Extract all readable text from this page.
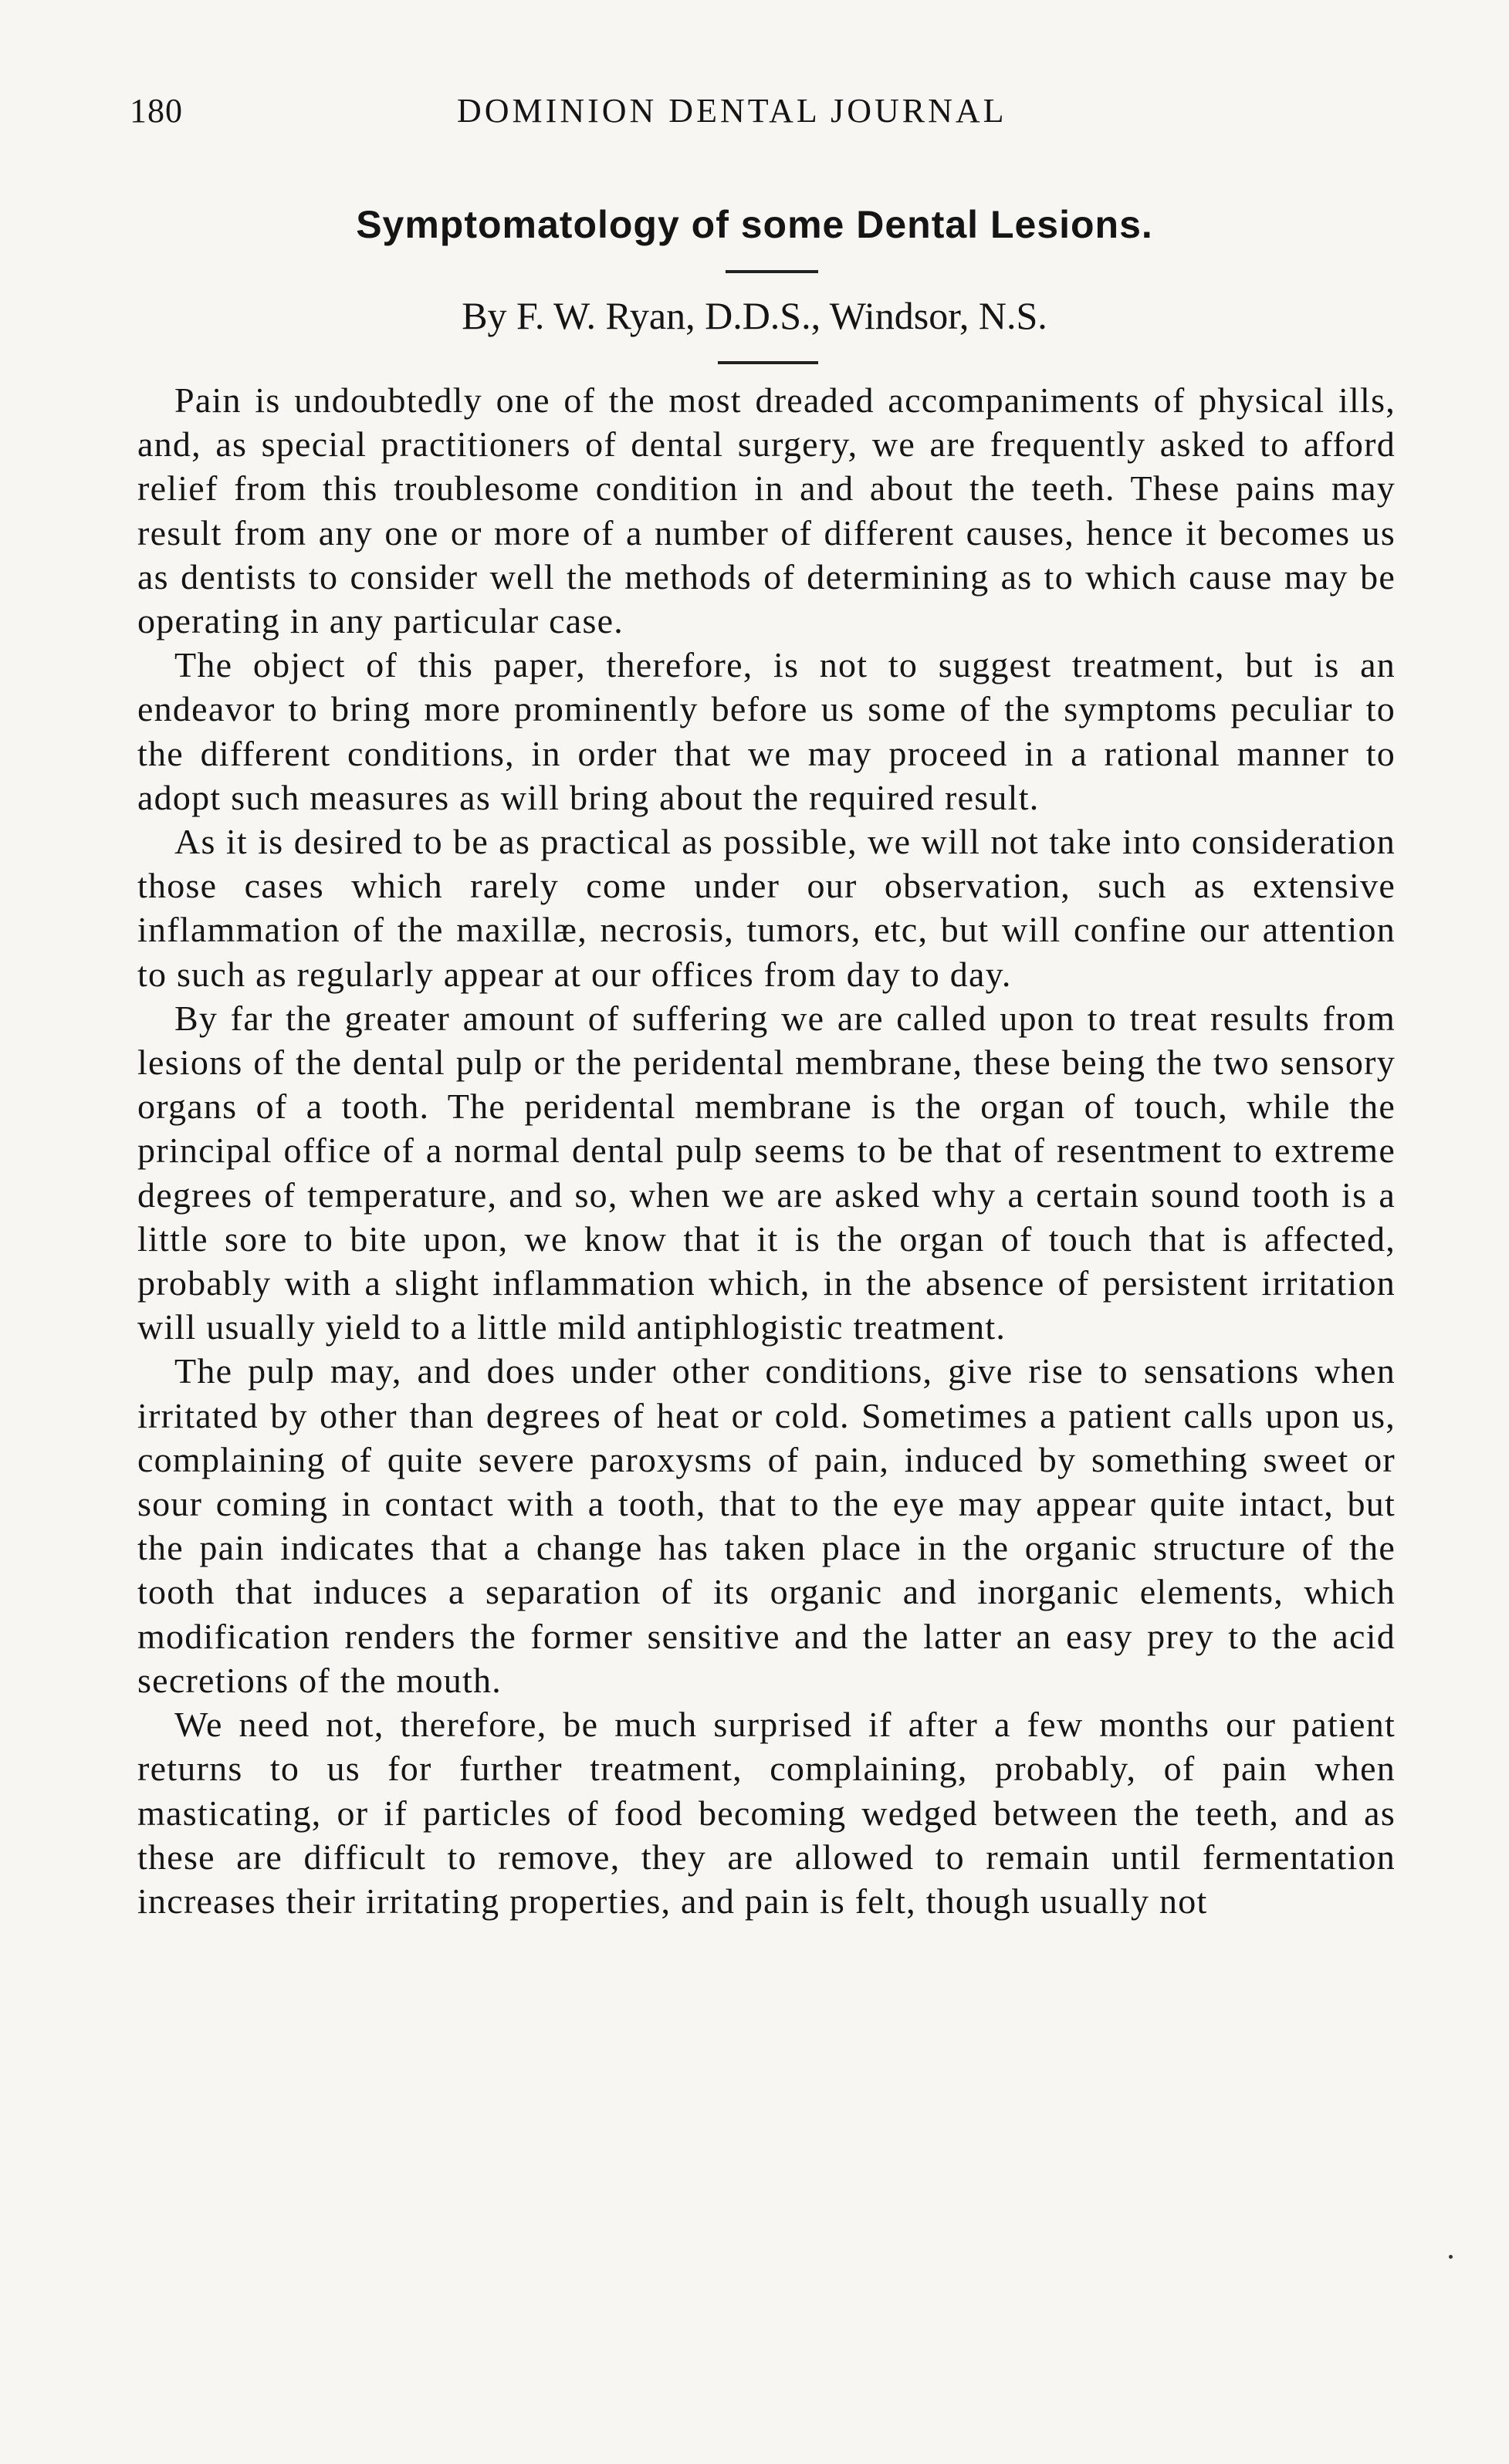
180	DOMINION DENTAL JOURNAL
Symptomatology of some Dental Lesions.
By F. W. Ryan, D.D.S., Windsor, N.S.

Pain is undoubtedly one of the most dreaded accompaniments of physical ills, and, as special practitioners of dental surgery, we are frequently asked to afford relief from this troublesome condition in and about the teeth. These pains may result from any one or more of a number of different causes, hence it becomes us as dentists to consider well the methods of determining as to which cause may be operating in any particular case.

The object of this paper, therefore, is not to suggest treatment, but is an endeavor to bring more prominently before us some of the symptoms peculiar to the different conditions, in order that we may proceed in a rational manner to adopt such measures as will bring about the required result.

As it is desired to be as practical as possible, we will not take into consideration those cases which rarely come under our observation, such as extensive inflammation of the maxillæ, necrosis, tumors, etc, but will confine our attention to such as regularly appear at our offices from day to day.

By far the greater amount of suffering we are called upon to treat results from lesions of the dental pulp or the peridental membrane, these being the two sensory organs of a tooth. The peridental membrane is the organ of touch, while the principal office of a normal dental pulp seems to be that of resentment to extreme degrees of temperature, and so, when we are asked why a certain sound tooth is a little sore to bite upon, we know that it is the organ of touch that is affected, probably with a slight inflammation which, in the absence of persistent irritation will usually yield to a little mild antiphlogistic treatment.

The pulp may, and does under other conditions, give rise to sensations when irritated by other than degrees of heat or cold. Sometimes a patient calls upon us, complaining of quite severe paroxysms of pain, induced by something sweet or sour coming in contact with a tooth, that to the eye may appear quite intact, but the pain indicates that a change has taken place in the organic structure of the tooth that induces a separation of its organic and inorganic elements, which modification renders the former sensitive and the latter an easy prey to the acid secretions of the mouth.

We need not, therefore, be much surprised if after a few months our patient returns to us for further treatment, complaining, probably, of pain when masticating, or if particles of food becoming wedged between the teeth, and as these are difficult to remove, they are allowed to remain until fermentation increases their irritating properties, and pain is felt, though usually not
